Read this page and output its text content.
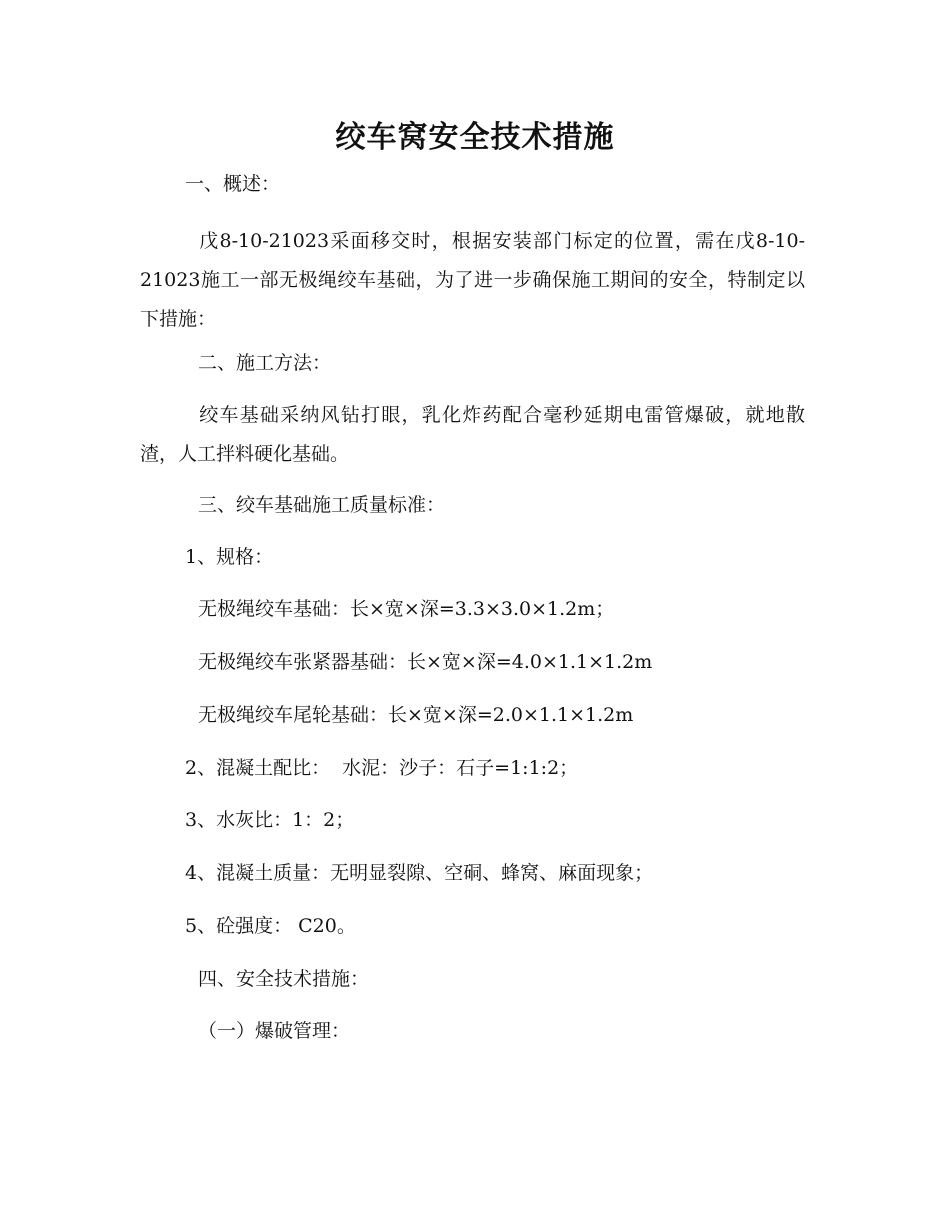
绞车窝安全技术措施
一、概述：
戊8-10-21023采面移交时，根据安装部门标定的位置，需在戊8-10-21023施工一部无极绳绞车基础，为了进一步确保施工期间的安全，特制定以下措施：
二、施工方法：
绞车基础采纳风钻打眼，乳化炸药配合毫秒延期电雷管爆破，就地散渣，人工拌料硬化基础。
三、绞车基础施工质量标准：
1、规格：
无极绳绞车基础：长×宽×深=3.3×3.0×1.2m；
无极绳绞车张紧器基础：长×宽×深=4.0×1.1×1.2m
无极绳绞车尾轮基础：长×宽×深=2.0×1.1×1.2m
2、混凝土配比：  水泥：沙子：石子=1:1:2；
3、水灰比：1：2；
4、混凝土质量：无明显裂隙、空硐、蜂窝、麻面现象；
5、砼强度： C20。
四、安全技术措施：
（一）爆破管理：
